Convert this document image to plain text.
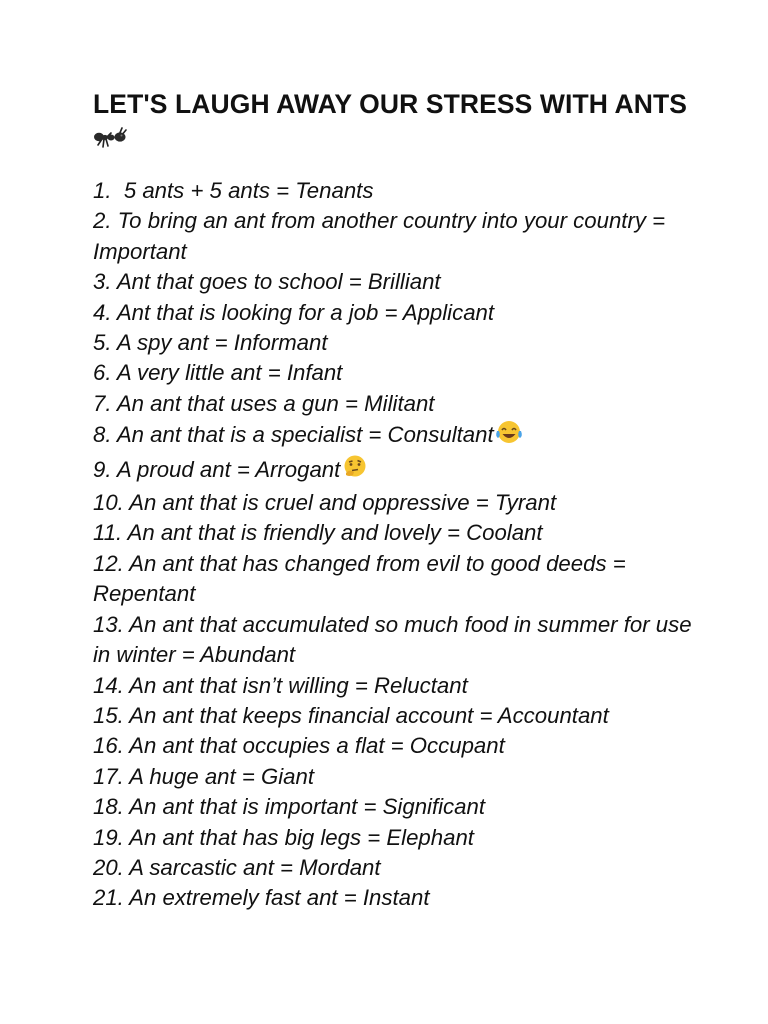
LET'S LAUGH AWAY OUR STRESS WITH ANTS
1.  5 ants + 5 ants = Tenants
2. To bring an ant from another country into your country = Important
3. Ant that goes to school = Brilliant
4. Ant that is looking for a job = Applicant
5. A spy ant = Informant
6. A very little ant = Infant
7. An ant that uses a gun = Militant
8. An ant that is a specialist = Consultant
9. A proud ant = Arrogant
10. An ant that is cruel and oppressive = Tyrant
11. An ant that is friendly and lovely = Coolant
12. An ant that has changed from evil to good deeds = Repentant
13. An ant that accumulated so much food in summer for use in winter = Abundant
14. An ant that isn’t willing = Reluctant
15. An ant that keeps financial account = Accountant
16. An ant that occupies a flat = Occupant
17. A huge ant = Giant
18. An ant that is important = Significant
19. An ant that has big legs = Elephant
20. A sarcastic ant = Mordant
21. An extremely fast ant = Instant
